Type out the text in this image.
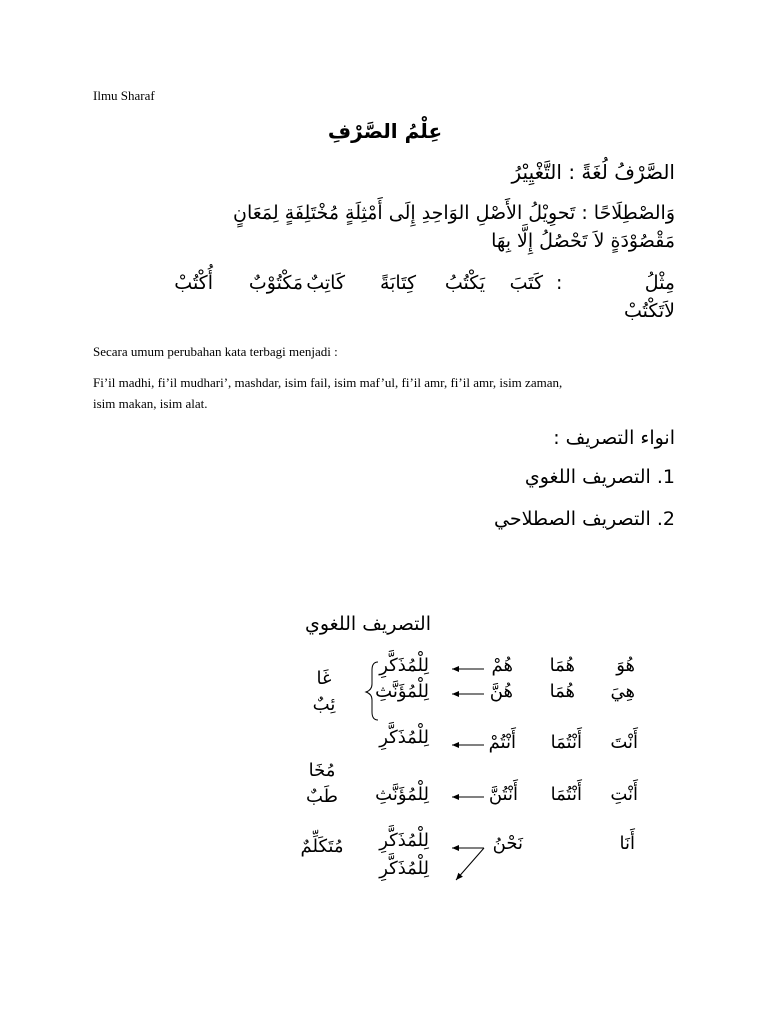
Ilmu Sharaf
عِلْمُ الصَّرْفِ
الصَّرْفُ لُغَةً : التَّغْيِيْرُ
وَالصْطِلَاحًا : تَحوِيْلُ الأَصْلِ الوَاحِدِ إِلَى أَمْثِلَةٍ مُخْتَلِفَةٍ لِمَعَانٍ
مَقْصُوْدَةٍ لاَ تَحْصُلُ إِلَّا بِهَا
مِثْلُ
:
كَتَبَ
يَكْتُبُ
كِتَابَةً
كَاتِبٌ
مَكْتُوْبٌ
أُكْتُبْ
لاَتَكْتُبْ
Secara umum perubahan kata terbagi menjadi :
Fi’il madhi, fi’il mudhari’, mashdar, isim fail, isim maf’ul, fi’il amr, fi’il amr, isim zaman,
isim makan, isim alat.
انواء التصريف :
1. التصريف اللغوي
2. التصريف الصطلاحي
التصريف اللغوي
هُوَ
هُمَا
هُمْ
لِلْمُذَكَّرِ
هِيَ
هُمَا
هُنَّ
لِلْمُؤَنَّثِ
أَنْتَ
أَنْتُمَا
أَنْتُمْ
لِلْمُذَكَّرِ
أَنْتِ
أَنْتُمَا
أَنْتُنَّ
لِلْمُؤَنَّثِ
أَنَا
نَحْنُ
لِلْمُذَكَّرِ
لِلْمُذَكَّرِ
غَائِبٌ
مُخَاطَبٌ
مُتَكَلِّمٌ
